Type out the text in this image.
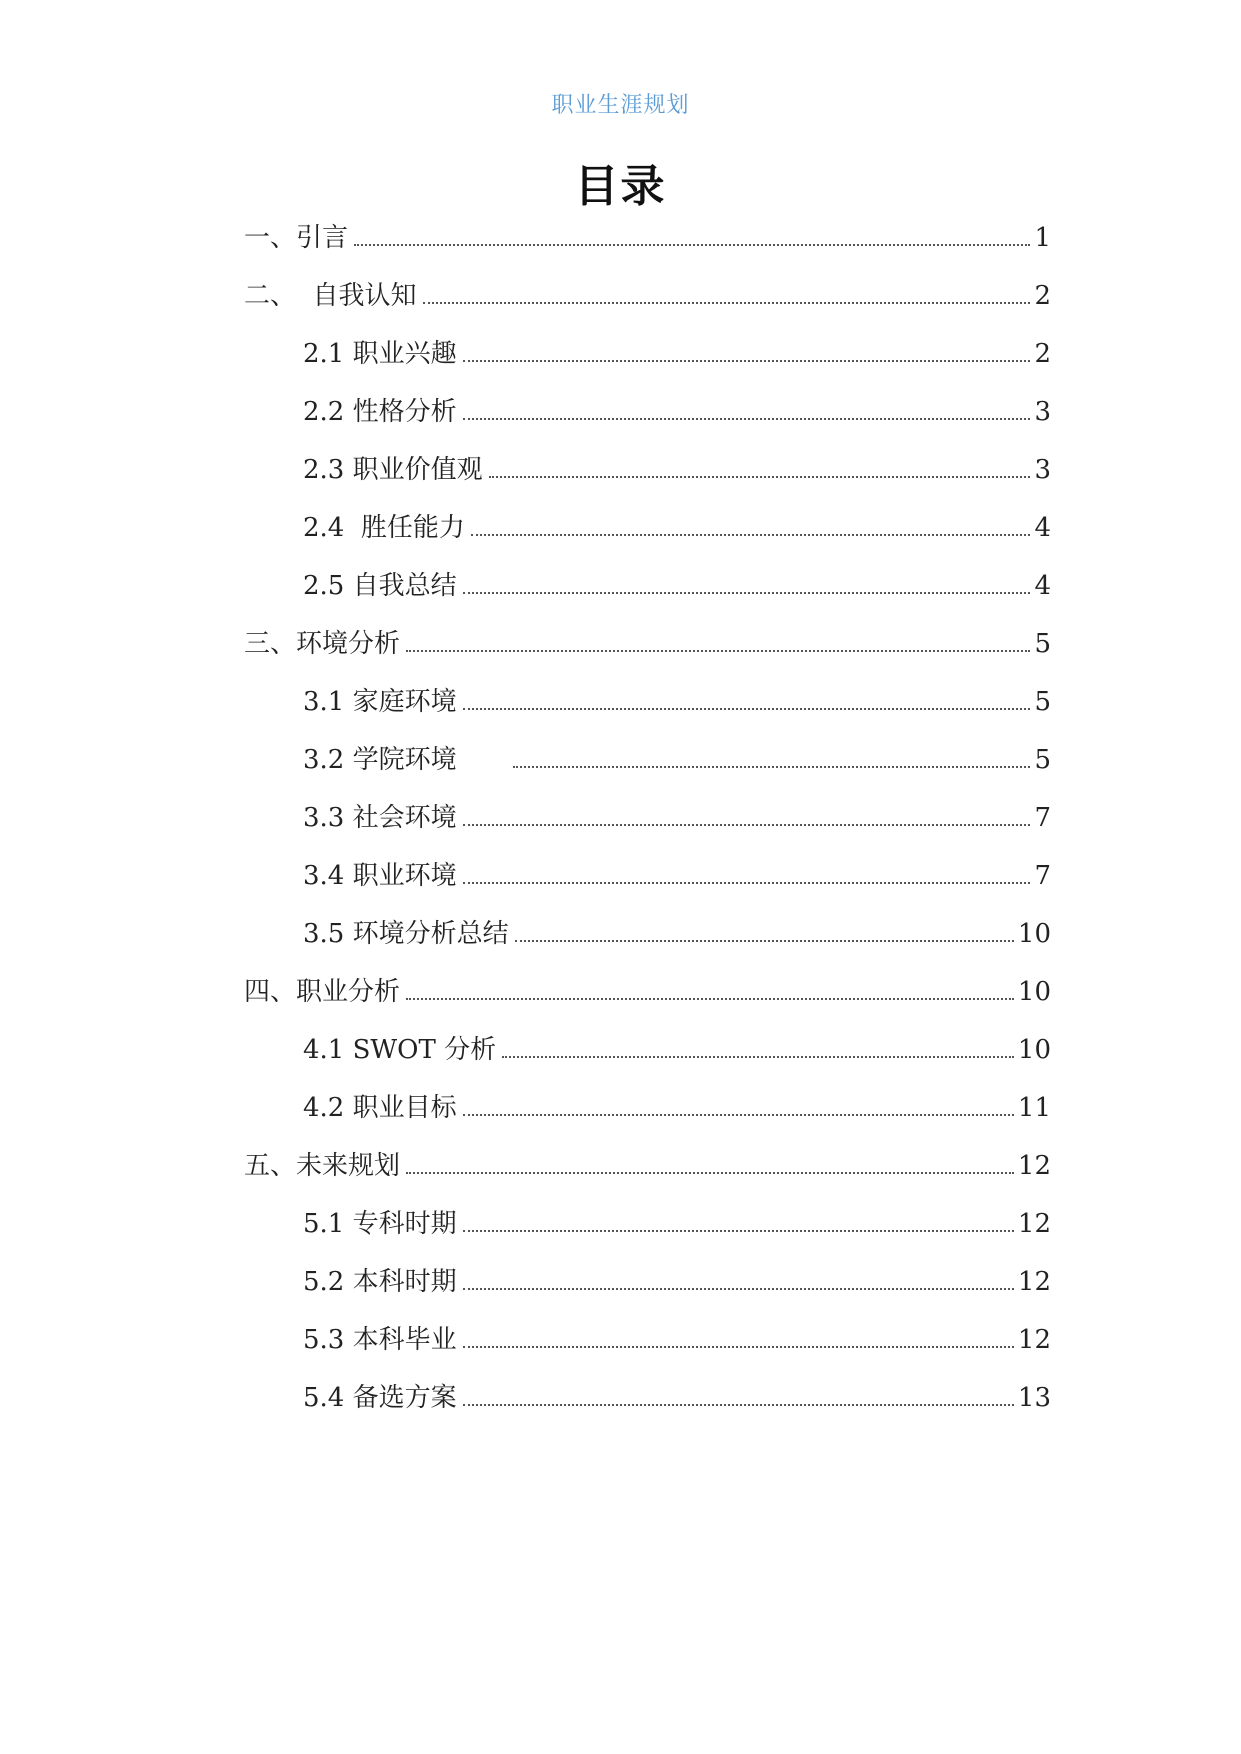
职业生涯规划
目录
一、引言	1
二、  自我认知	2
2.1 职业兴趣	2
2.2 性格分析	3
2.3 职业价值观	3
2.4  胜任能力	4
2.5 自我总结	4
三、环境分析	5
3.1 家庭环境	5
3.2 学院环境	5
3.3 社会环境	7
3.4 职业环境	7
3.5 环境分析总结	10
四、职业分析	10
4.1 SWOT 分析	10
4.2 职业目标	11
五、未来规划	12
5.1 专科时期	12
5.2 本科时期	12
5.3 本科毕业	12
5.4 备选方案	13
